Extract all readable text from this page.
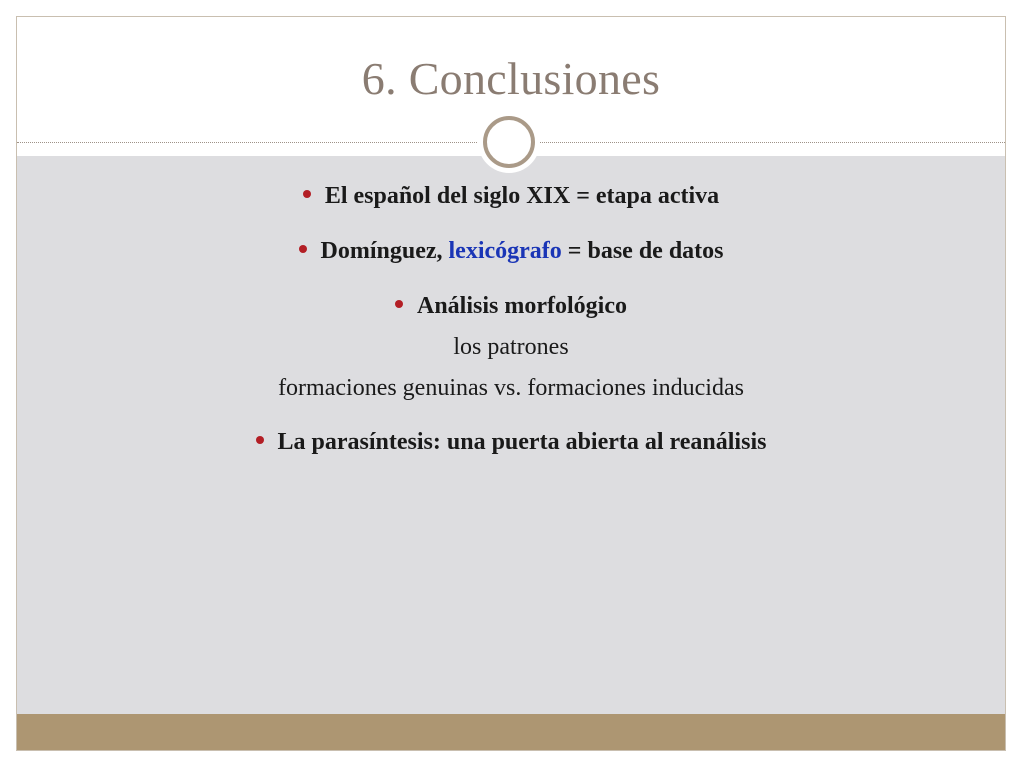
6. Conclusiones
El español del siglo XIX = etapa activa
Domínguez, lexicógrafo = base de datos
Análisis morfológico
los patrones
formaciones genuinas vs. formaciones inducidas
La parasíntesis: una puerta abierta al reanálisis
